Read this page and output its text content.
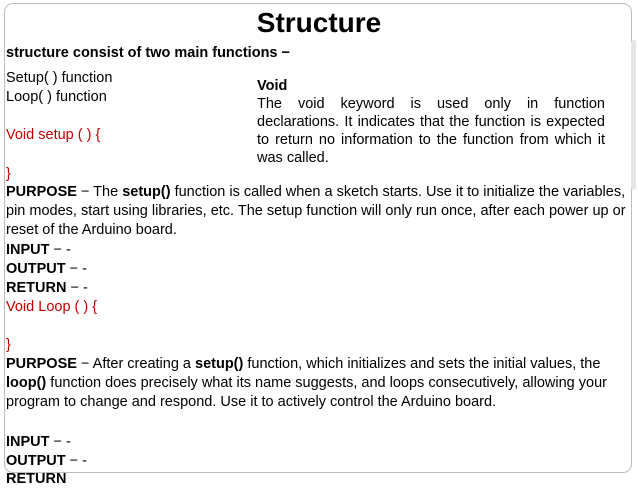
Structure
structure consist of two main functions −
Setup( ) function
Loop( ) function
Void setup ( ) {
}
Void
The void keyword is used only in function declarations. It indicates that the function is expected to return no information to the function from which it was called.
PURPOSE − The setup() function is called when a sketch starts. Use it to initialize the variables, pin modes, start using libraries, etc. The setup function will only run once, after each power up or reset of the Arduino board.
INPUT − -
OUTPUT − -
RETURN − -
Void Loop ( ) {
}
PURPOSE − After creating a setup() function, which initializes and sets the initial values, the loop() function does precisely what its name suggests, and loops consecutively, allowing your program to change and respond. Use it to actively control the Arduino board.
INPUT − -
OUTPUT − -
RETURN
